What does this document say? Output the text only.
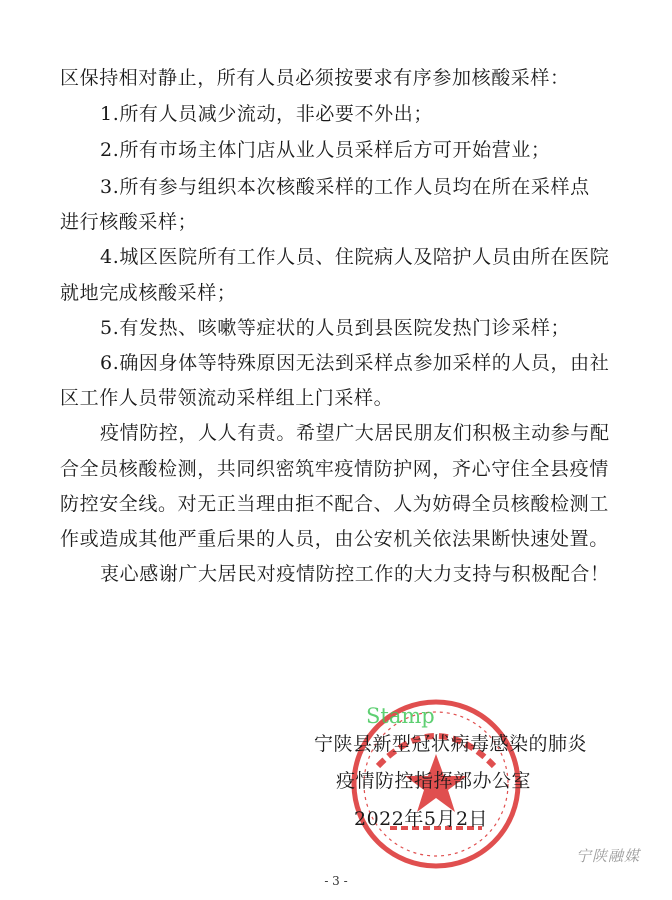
区保持相对静止，所有人员必须按要求有序参加核酸采样：
1.所有人员减少流动，非必要不外出；
2.所有市场主体门店从业人员采样后方可开始营业；
3.所有参与组织本次核酸采样的工作人员均在所在采样点
进行核酸采样；
4.城区医院所有工作人员、住院病人及陪护人员由所在医院
就地完成核酸采样；
5.有发热、咳嗽等症状的人员到县医院发热门诊采样；
6.确因身体等特殊原因无法到采样点参加采样的人员，由社
区工作人员带领流动采样组上门采样。
疫情防控，人人有责。希望广大居民朋友们积极主动参与配
合全员核酸检测，共同织密筑牢疫情防护网，齐心守住全县疫情
防控安全线。对无正当理由拒不配合、人为妨碍全员核酸检测工
作或造成其他严重后果的人员，由公安机关依法果断快速处置。
衷心感谢广大居民对疫情防控工作的大力支持与积极配合！
Stamp
宁陕县新型冠状病毒感染的肺炎
疫情防控指挥部办公室
2022年5月2日
宁陕融媒
- 3 -
